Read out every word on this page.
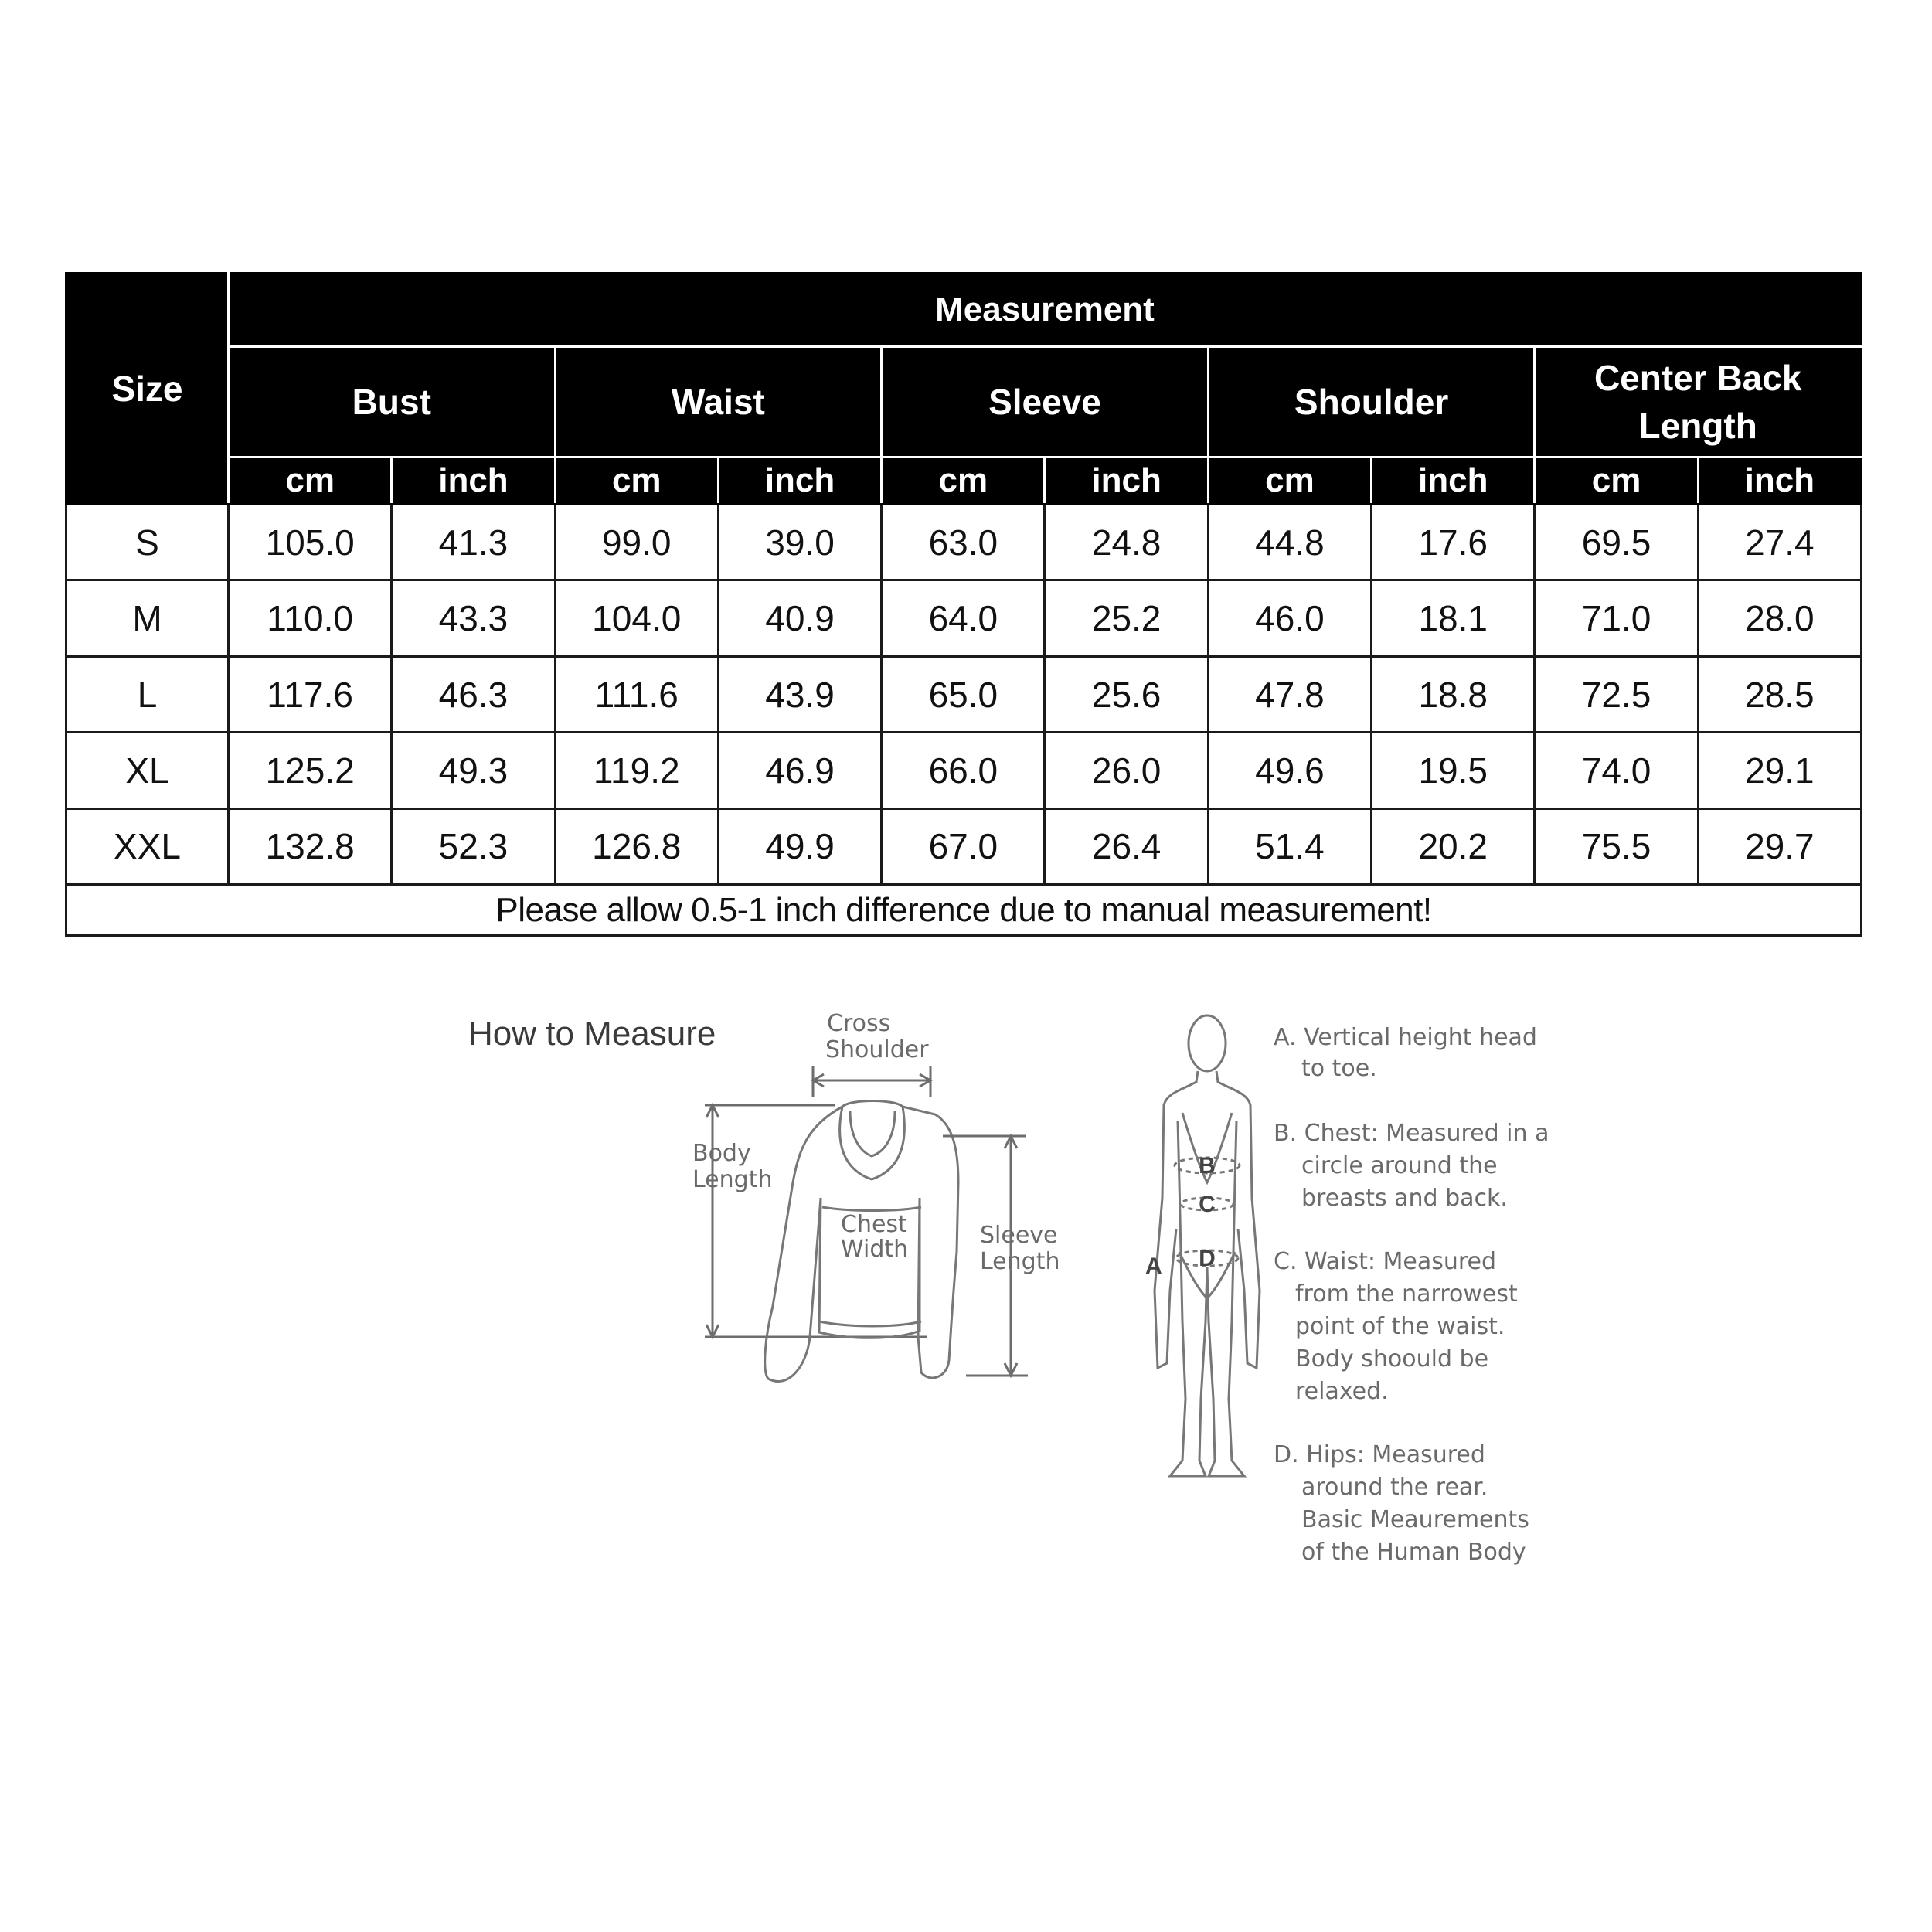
Size	Measurement									
	Bust		Waist		Sleeve		Shoulder		Center Back
Length	

	cm	inch	cm	inch	cm	inch	cm	inch	cm	inch
S	105.0	41.3	99.0	39.0	63.0	24.8	44.8	17.6	69.5	27.4
M	110.0	43.3	104.0	40.9	64.0	25.2	46.0	18.1	71.0	28.0
L	117.6	46.3	111.6	43.9	65.0	25.6	47.8	18.8	72.5	28.5
XL	125.2	49.3	119.2	46.9	66.0	26.0	49.6	19.5	74.0	29.1
XXL	132.8	52.3	126.8	49.9	67.0	26.4	51.4	20.2	75.5	29.7
Please allow 0.5-1 inch difference due to manual measurement!										
How to Measure	Cross
Shoulder
Body
Length
Chest
Width
Sleeve
Length
B
C
D
A
A. Vertical height head
to toe.
B. Chest: Measured in a
circle around the
breasts and back.
C. Waist: Measured
from the narrowest
point of the waist.
Body shoould be
relaxed.
D. Hips: Measured
around the rear.
Basic Meaurements
of the Human Body
